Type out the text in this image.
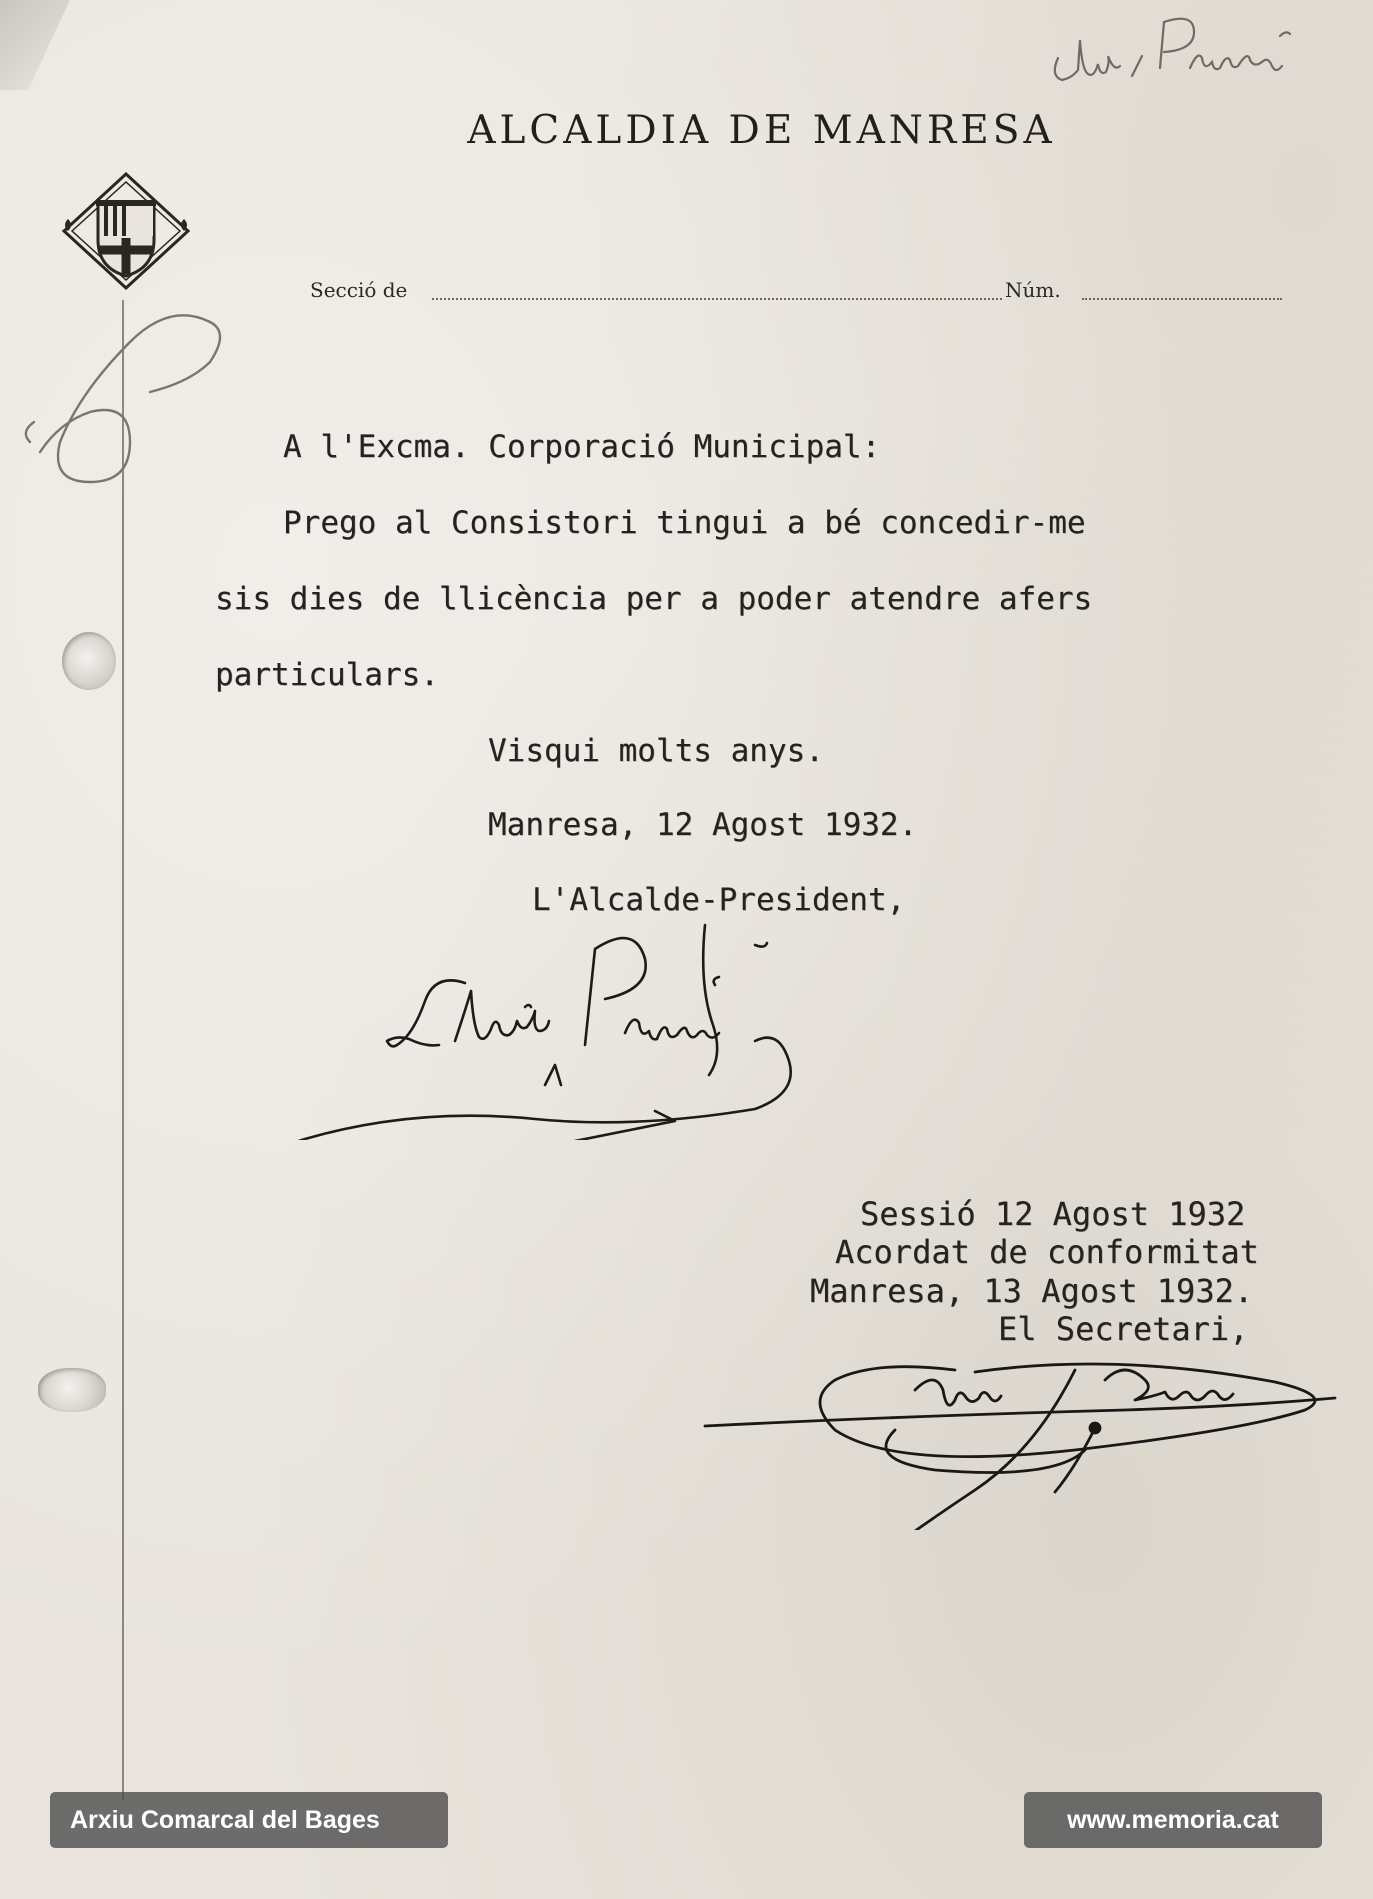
ALCALDIA DE MANRESA
Secció de	Núm.
A l'Excma. Corporació Municipal:
Prego al Consistori tingui a bé concedir-me
sis dies de llicència per a poder atendre afers
particulars.
Visqui molts anys.
Manresa, 12 Agost 1932.
L'Alcalde-President,
Sessió 12 Agost 1932
Acordat de conformitat
Manresa, 13 Agost 1932.
El Secretari,
Arxiu Comarcal del Bages	www.memoria.cat
